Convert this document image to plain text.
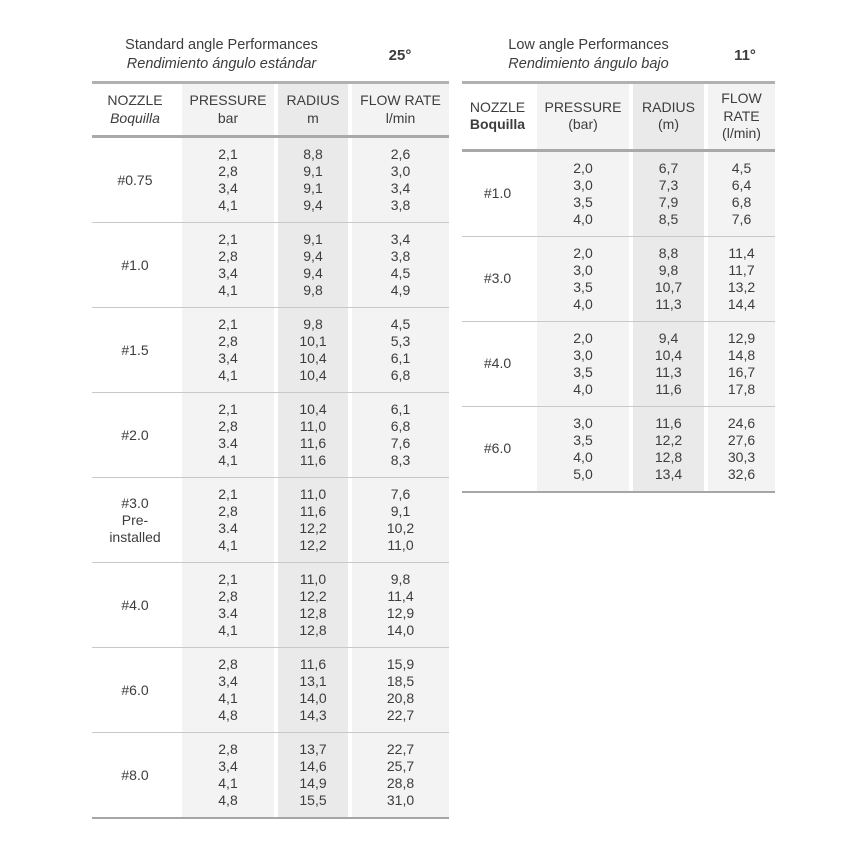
Standard angle Performances
Rendimiento ángulo estándar
25°
NOZZLE
Boquilla
PRESSURE
bar
RADIUS
m
FLOW RATE
l/min
#0.75
2,1
2,8
3,4
4,1
8,8
9,1
9,1
9,4
2,6
3,0
3,4
3,8
#1.0
2,1
2,8
3,4
4,1
9,1
9,4
9,4
9,8
3,4
3,8
4,5
4,9
#1.5
2,1
2,8
3,4
4,1
9,8
10,1
10,4
10,4
4,5
5,3
6,1
6,8
#2.0
2,1
2,8
3.4
4,1
10,4
11,0
11,6
11,6
6,1
6,8
7,6
8,3
#3.0
Pre-
installed
2,1
2,8
3.4
4,1
11,0
11,6
12,2
12,2
7,6
9,1
10,2
11,0
#4.0
2,1
2,8
3.4
4,1
11,0
12,2
12,8
12,8
9,8
11,4
12,9
14,0
#6.0
2,8
3,4
4,1
4,8
11,6
13,1
14,0
14,3
15,9
18,5
20,8
22,7
#8.0
2,8
3,4
4,1
4,8
13,7
14,6
14,9
15,5
22,7
25,7
28,8
31,0
Low angle Performances
Rendimiento ángulo bajo
11°
NOZZLE
Boquilla
PRESSURE
(bar)
RADIUS
(m)
FLOW
RATE
(l/min)
#1.0
2,0
3,0
3,5
4,0
6,7
7,3
7,9
8,5
4,5
6,4
6,8
7,6
#3.0
2,0
3,0
3,5
4,0
8,8
9,8
10,7
11,3
11,4
11,7
13,2
14,4
#4.0
2,0
3,0
3,5
4,0
9,4
10,4
11,3
11,6
12,9
14,8
16,7
17,8
#6.0
3,0
3,5
4,0
5,0
11,6
12,2
12,8
13,4
24,6
27,6
30,3
32,6
